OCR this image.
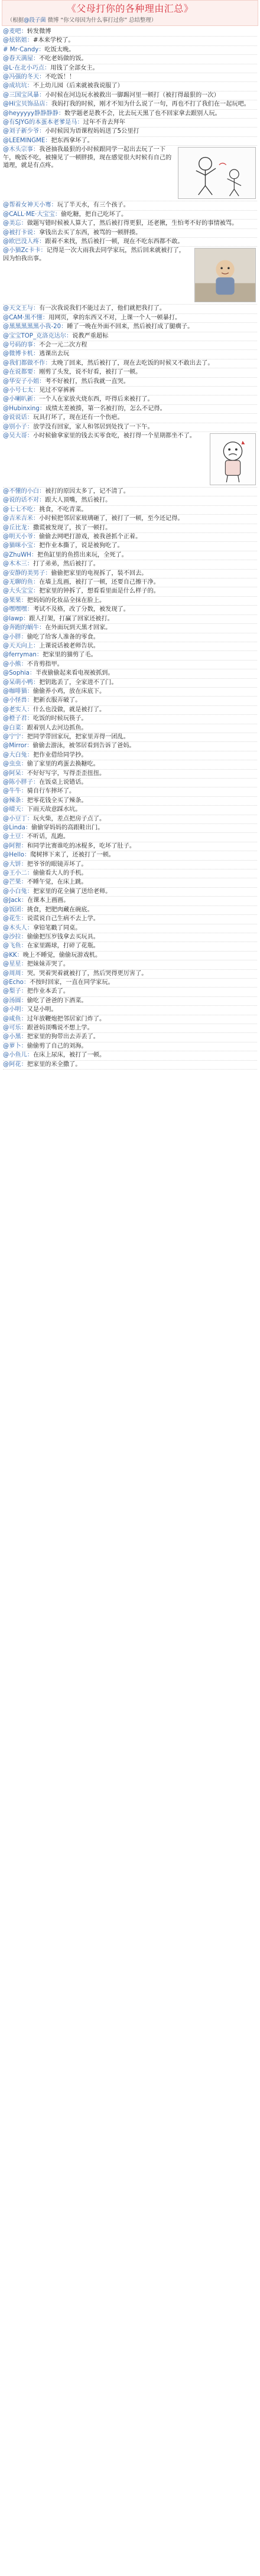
《父母打你的各种理由汇总》
（根据@段子菌 微博 “你父母因为什么事打过你” 总结整理）
@麦吧：转发微博
@炫铭姐：#本来学校了。
# Mr·Candy：吃饭太晚。
@春天满屋：不吃老妈做的饭。
@L·在北小巧点：用钱了全部女主。
@冯强的冬天：不吃饭！！
@成坑坑：不上幼儿园（后来就被我说服了）
@三国宝风暴：小时候在河边玩水被救出一脚踢河里一顿打（被打得最狠的一次）
@Hi宝贝饰品店：我妈打我的时候，刚才不知为什么说了一句，再也不打了我们在一起玩吧。
@heyyyyy静静静静：数学题老是教不会，比去玩天黑了也不回家拿去跟别人玩。
@有SJYG的本蛋本老爹是马：过年不肯去拜年
@刘子新少爷：小时候因为语课程妈妈送了5公里打
@LEEMINGME：把东西拿坏了。
@木头宗事：我爸抽我最狠的小时候跟同学一起出去玩了一下午，晚饭不吃，被撞见了一顿胖揍，现在感觉很大时候有自己的道理，就是有点疼。
@帮着女神天小骞：玩了半天水，有三个孩子。
@CALL·ME·大宝宝：偷吃糖，把自己吃坏了。
@美忘：做题写错时候被人算大了，然后被打得更狠，还老揪，生怕考不好的事情被骂。
@被打卡说：拿钱出去买了东西，被骂的一顿胖揍。
@欧巴没人疼：跟着不来找，然后被打一顿，现在不吃东西都不敢。
@小猫Zc卡卡：记得是一次大雨我去同学家玩，然后回来就被打了，因为怕我出事。
@天文王与：有一次我说我们不能过去了，他们就把我打了。
@CAM·黑不懂：用网页，拿的东西又不对，上课一个人一顿暴打。
@黑黑黑黑黑小我-20：睡了一晚在外面不回来，然后被打成了腿瘸子。
@宝宝TOP_克洛克达尔：说教严重超标
@号码的事：不会一元二次方程
@微博卡机：逃课出去玩
@我们都做不作：太晚了回来，然后被打了，现在去吃饭的时候又不敢出去了。
@在说都要：刚剪了头发，说不好看，被打了一顿。
@华安子小姐：考不好被打，然后我就一直哭。
@小号七太：见过不穿裤裤
@小喇叭新：一个人在家放火烧东西，吓得后来被打了。
@Hubinxing：成绩太差被揍，第一名被打的，怎么不记得。
@说说话：玩具打坏了，现在还有一个伤疤。
@别小子：放学没有回家，家人和邻居到处找了一下午。
@吴大哥：小时候偷拿家里的钱去买零食吃，被打得一个星期都坐不了。
@不懂的小白：被打的原因太多了，记不清了。
@说的话不对：跟大人顶嘴，然后被打。
@七七不吃：挑食，不吃青菜。
@吉米吉米：小时候把邻居家玻璃砸了，被打了一顿，至今还记得。
@丘比龙：撒谎被发现了，挨了一顿打。
@明天小爷：偷偷去网吧打游戏，被我爸抓个正着。
@猫咪小宝：把作业本撕了，说是被狗吃了。
@ZhuWH：把鱼缸里的鱼捞出来玩，全死了。
@木木三：打了弟弟，然后被打了。
@安静的美男子：偷偷把家里的电视拆了，装不回去。
@无聊的鱼：在墙上乱画，被打了一顿，还要自己擦干净。
@大头宝宝：把家里的钟拆了，想看看里面是什么样子的。
@果果：把妈妈的化妆品全抹在脸上。
@嘿嘿嘿：考试不及格，改了分数，被发现了。
@lawp：跟人打架，打赢了回家还被打。
@奔跑的蜗牛：在外面玩到天黑才回家。
@小胖：偷吃了给客人准备的零食。
@天天向上：上课说话被老师告状。
@ferryman：把家里的猫剪了毛。
@小熊：不肯剪指甲。
@Sophia：半夜偷偷起来看电视被抓到。
@呆萌小鸭：把钥匙丢了，全家进不了门。
@咖啡猫：偷偷养小鸡，放在床底下。
@小怪兽：把新衣服弄破了。
@老实人：什么也没做，就是被打了。
@橙子君：吃饭的时候玩筷子。
@白菜：跟着别人去河边抓鱼。
@宁宁：把同学带回家玩，把家里弄得一团乱。
@Mirror：偷偷去游泳，被邻居看到告诉了爸妈。
@大白兔：把作业借给同学抄。
@虫虫：偷了家里的鸡蛋去换糖吃。
@阿呆：不好好写字，写得歪歪扭扭。
@陈小胖子：在饭桌上说错话。
@牛牛：骑自行车摔坏了。
@辣条：把零花钱全买了辣条。
@晴天：下雨天故意踩水坑。
@小豆丁：玩火柴，差点把房子点了。
@Linda：偷偷穿妈妈的高跟鞋出门。
@土豆：不听话，乱跑。
@阿狸：和同学比赛谁吃的冰棍多，吃坏了肚子。
@Hello：爬树摔下来了，还被打了一顿。
@大饼：把爷爷的眼镜弄坏了。
@王小二：偷偷看大人的手机。
@芒果：不睡午觉，在床上跳。
@小白兔：把家里的花全摘了送给老师。
@Jack：在课本上画画。
@饭团：挑食，把肥肉藏在碗底。
@花生：说谎说自己生病不去上学。
@木头人：拿铅笔戳了同桌。
@沙拉：偷偷把压岁钱拿去买玩具。
@飞鱼：在家里踢球，打碎了花瓶。
@KK：晚上不睡觉，偷偷玩游戏机。
@星星：把妹妹弄哭了。
@周周：哭。哭着哭着就被打了，然后哭得更厉害了。
@Echo：不按时回家，一直在同学家玩。
@梨子：把作业本丢了。
@汤圆：偷吃了爸爸的下酒菜。
@小明：又是小明。
@咸鱼：过年放鞭炮把邻居家门炸了。
@可乐：跟爸妈顶嘴说不想上学。
@小黑：把家里的狗带出去弄丢了。
@萝卜：偷偷剪了自己的刘海。
@小鱼儿：在床上尿床，被打了一顿。
@阿花：把家里的米全撒了。
